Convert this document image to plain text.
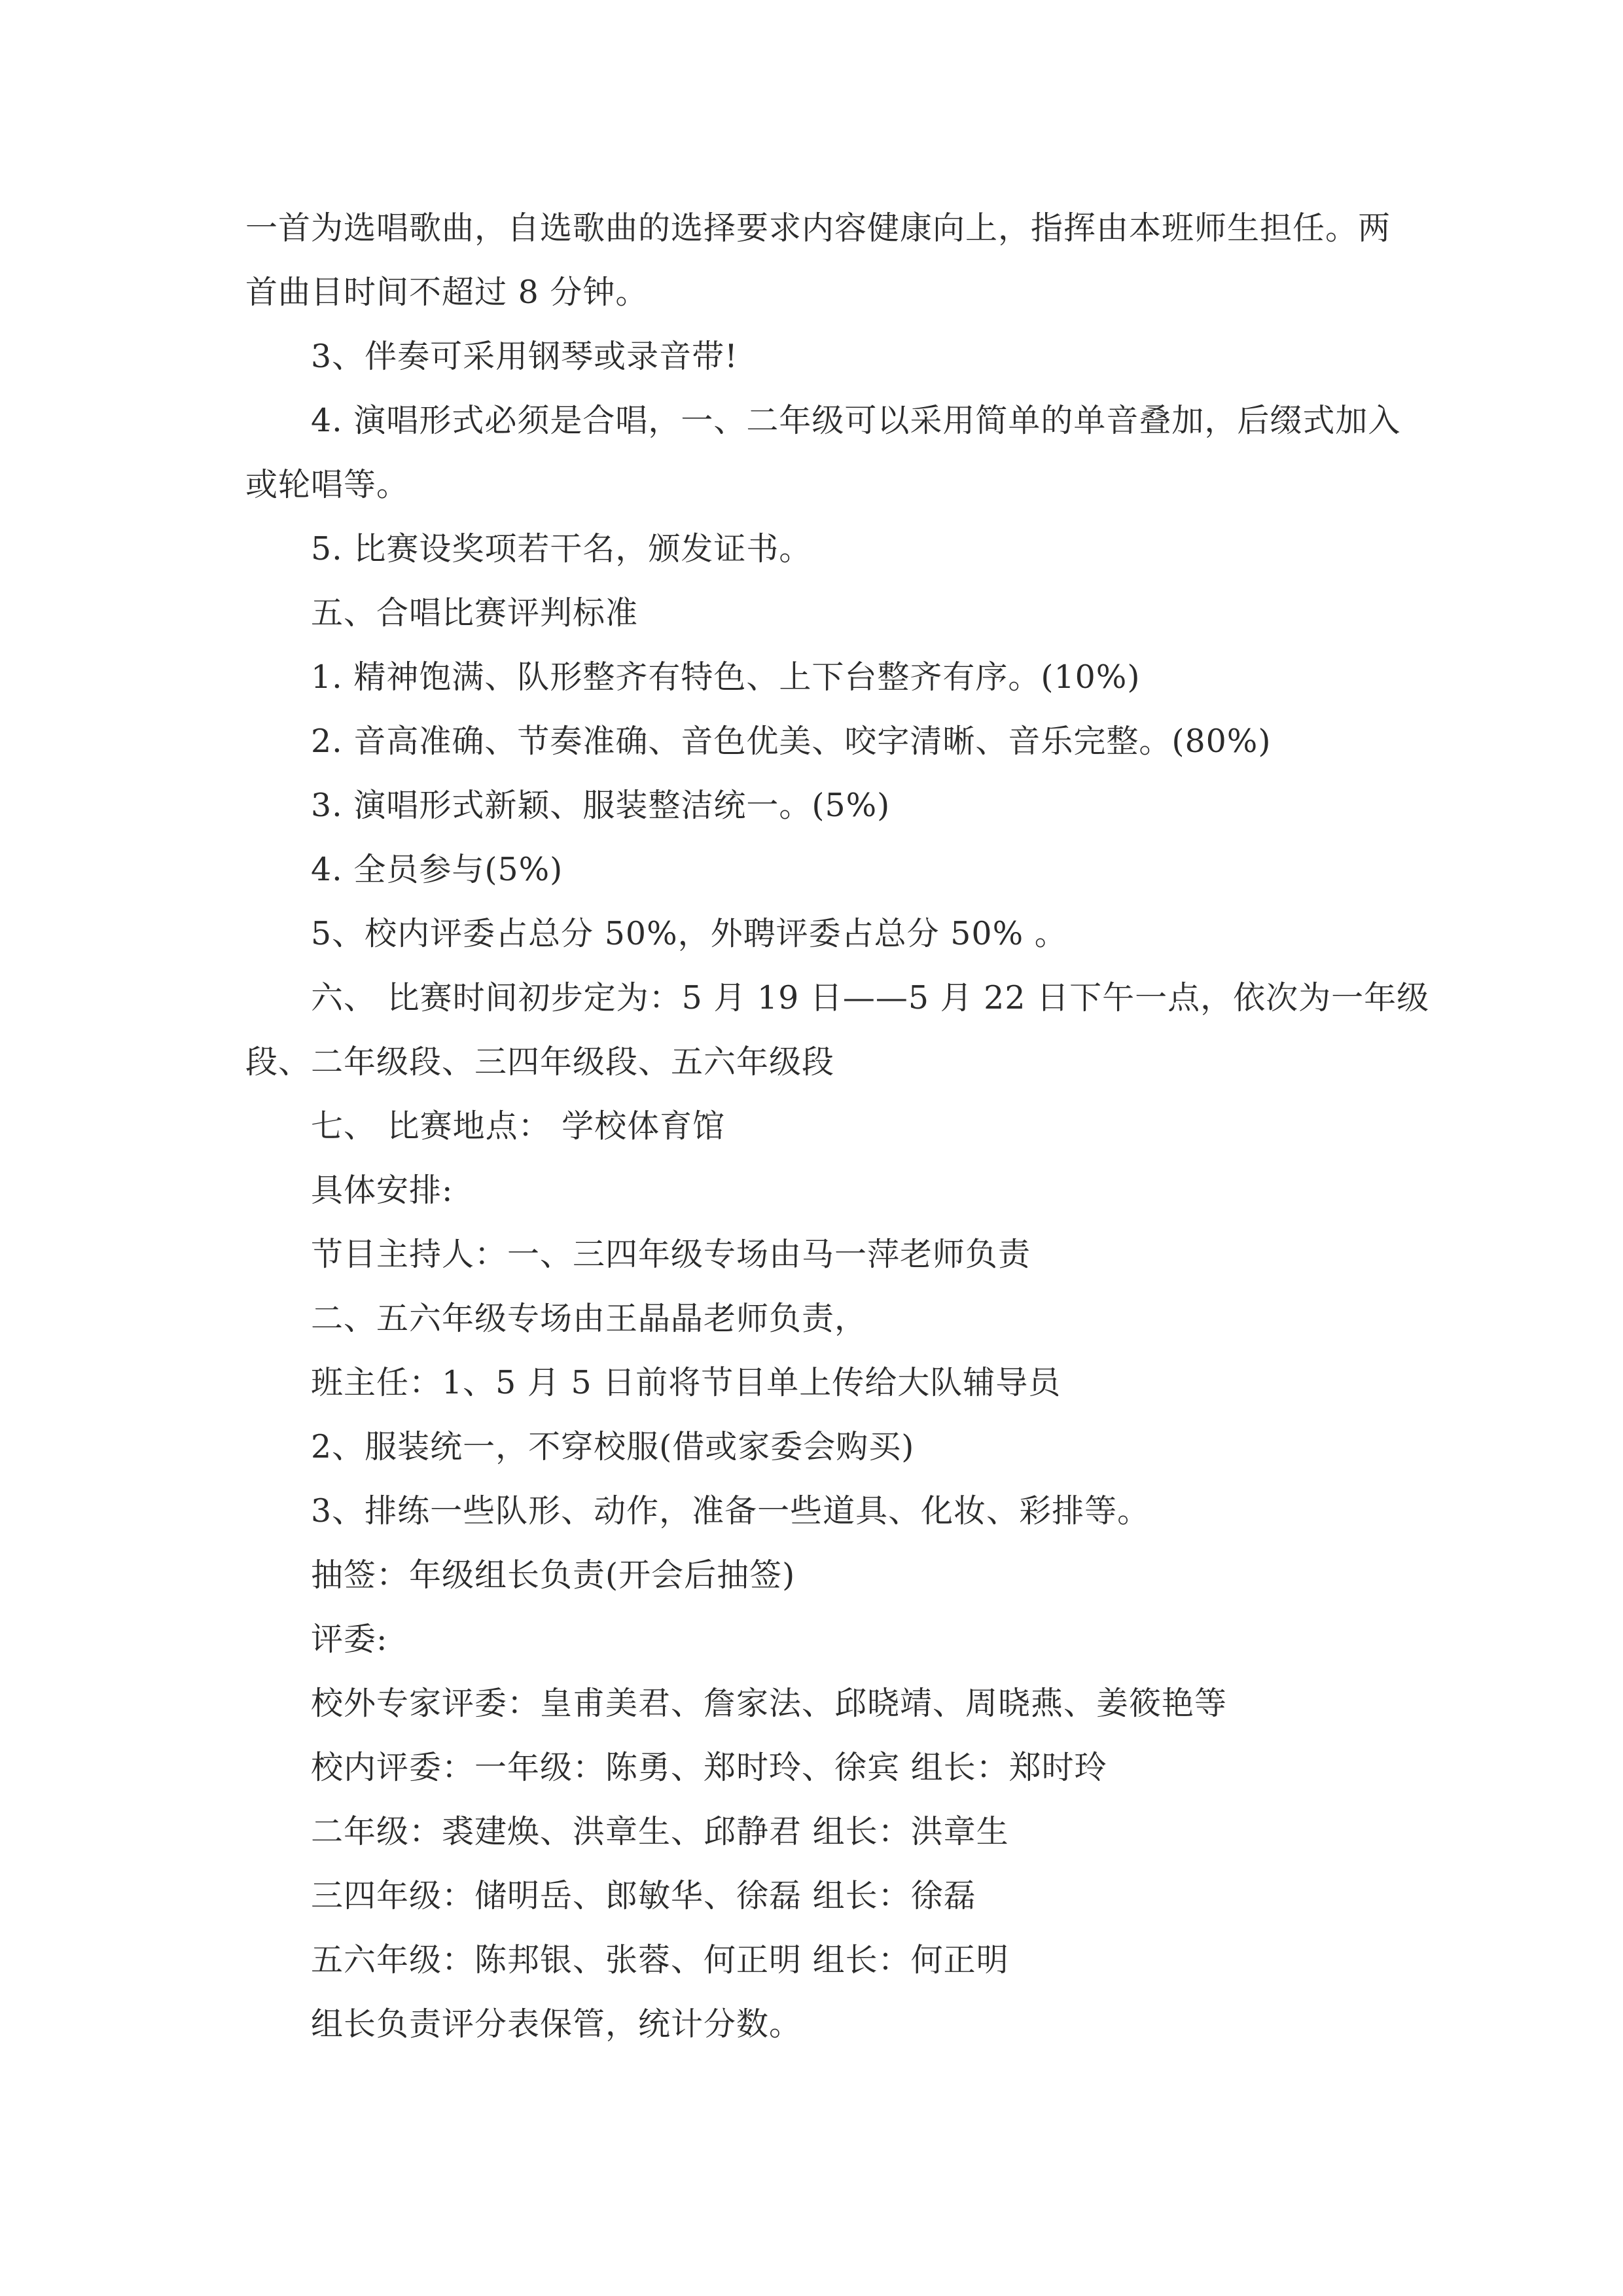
一首为选唱歌曲，自选歌曲的选择要求内容健康向上，指挥由本班师生担任。两
首曲目时间不超过 8 分钟。
3、伴奏可采用钢琴或录音带!
4. 演唱形式必须是合唱，一、二年级可以采用简单的单音叠加，后缀式加入
或轮唱等。
5. 比赛设奖项若干名，颁发证书。
五、合唱比赛评判标准
1. 精神饱满、队形整齐有特色、上下台整齐有序。(10%)
2. 音高准确、节奏准确、音色优美、咬字清晰、音乐完整。(80%)
3. 演唱形式新颖、服装整洁统一。(5%)
4. 全员参与(5%)
5、校内评委占总分 50%，外聘评委占总分 50% 。
六、 比赛时间初步定为：5 月 19 日——5 月 22 日下午一点，依次为一年级
段、二年级段、三四年级段、五六年级段
七、 比赛地点： 学校体育馆
具体安排:
节目主持人：一、三四年级专场由马一萍老师负责
二、五六年级专场由王晶晶老师负责，
班主任：1、5 月 5 日前将节目单上传给大队辅导员
2、服装统一，不穿校服(借或家委会购买)
3、排练一些队形、动作，准备一些道具、化妆、彩排等。
抽签：年级组长负责(开会后抽签)
评委:
校外专家评委：皇甫美君、詹家法、邱晓靖、周晓燕、姜筱艳等
校内评委：一年级：陈勇、郑时玲、徐宾 组长：郑时玲
二年级：裘建焕、洪章生、邱静君 组长：洪章生
三四年级：储明岳、郎敏华、徐磊 组长：徐磊
五六年级：陈邦银、张蓉、何正明 组长：何正明
组长负责评分表保管，统计分数。
